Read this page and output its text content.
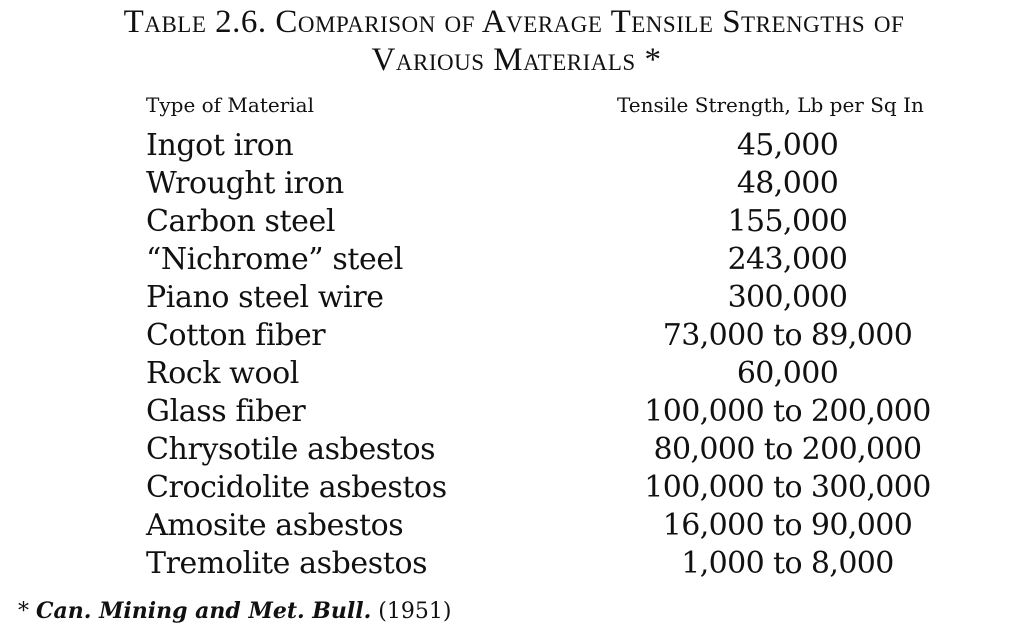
Table 2.6. Comparison of Average Tensile Strengths of
Various Materials *
Type of Material	Tensile Strength, Lb per Sq In
Ingot iron	45,000
Wrought iron	48,000
Carbon steel	155,000
“Nichrome” steel	243,000
Piano steel wire	300,000
Cotton fiber	73,000 to 89,000
Rock wool	60,000
Glass fiber	100,000 to 200,000
Chrysotile asbestos	80,000 to 200,000
Crocidolite asbestos	100,000 to 300,000
Amosite asbestos	16,000 to 90,000
Tremolite asbestos	1,000 to 8,000
* Can. Mining and Met. Bull. (1951)
